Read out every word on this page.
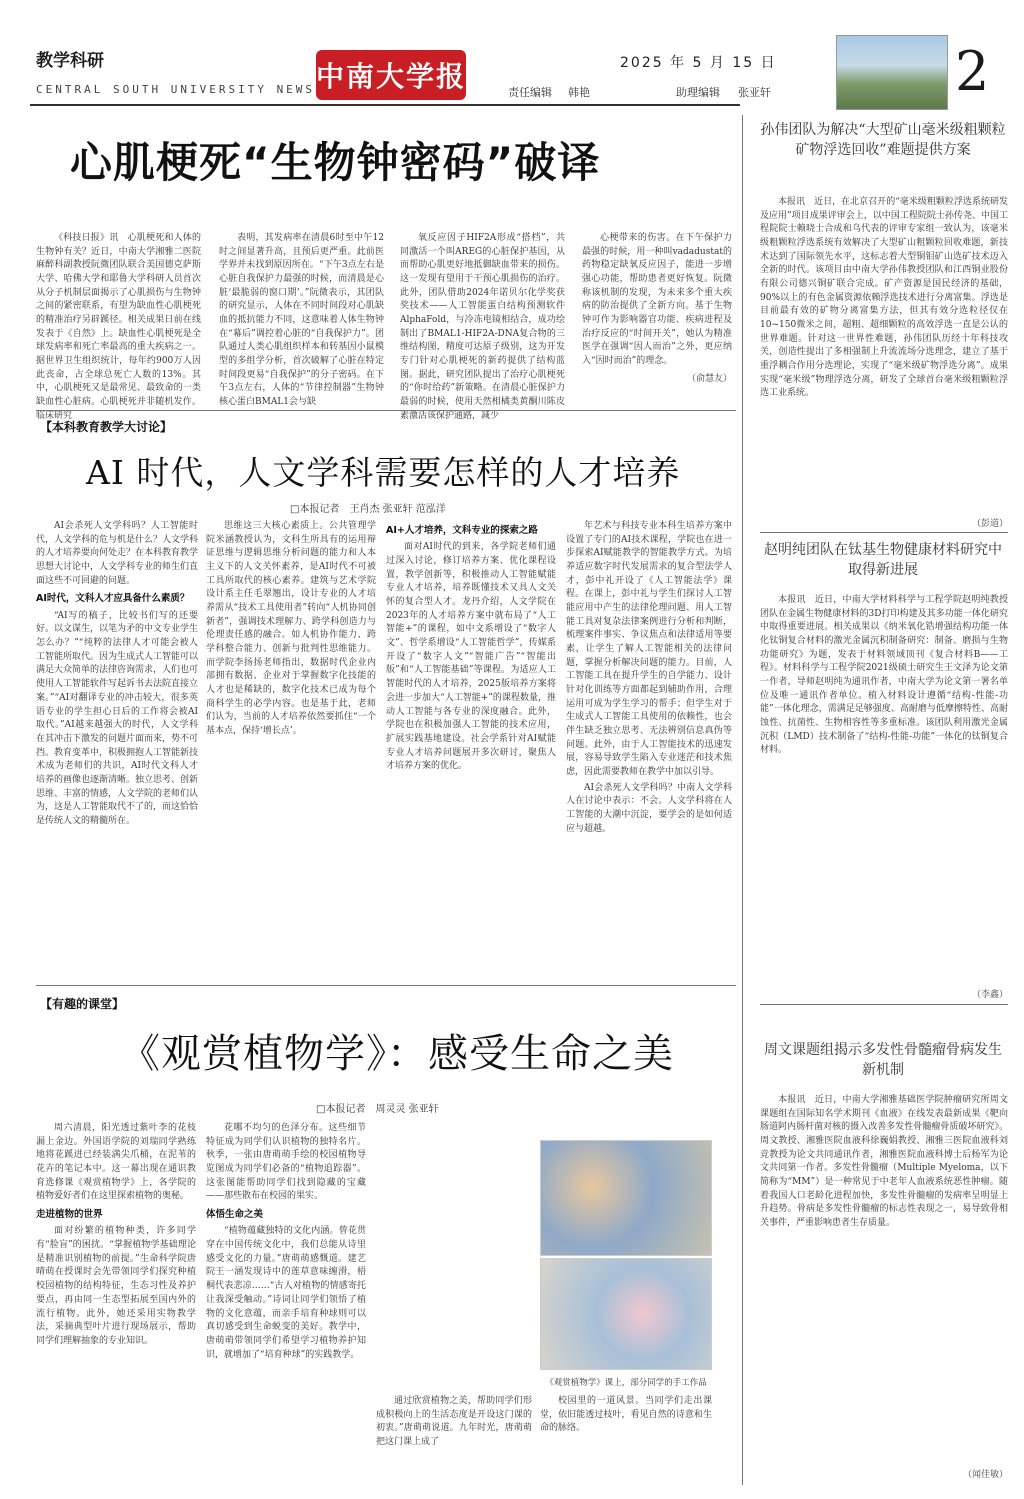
教学科研
CENTRAL SOUTH UNIVERSITY NEWS 中南大学报	2025 年 5 月 15 日
责任编辑 韩艳	助理编辑 张亚轩	2
心肌梗死“生物钟密码”破译

《科技日报》讯　心肌梗死和人体的生物钟有关？近日，中南大学湘雅二医院麻醉科副教授阮微团队联合美国德克萨斯大学、哈佛大学和耶鲁大学科研人员首次从分子机制层面揭示了心肌损伤与生物钟之间的紧密联系，有望为缺血性心肌梗死的精准治疗另辟蹊径。相关成果日前在线发表于《自然》上。缺血性心肌梗死是全球发病率和死亡率最高的重大疾病之一。据世界卫生组织统计，每年约900万人因此丧命，占全球总死亡人数的13%。其中，心肌梗死又是最常见、最致命的一类缺血性心脏病。心肌梗死并非随机发作。临床研究

表明，其发病率在清晨6时至中午12时之间显著升高，且预后更严重。此前医学界并未找到原因所在。“下午3点左右是心脏自我保护力最强的时候，而清晨是心脏‘最脆弱的窗口期’。”阮微表示，其团队的研究显示，人体在不同时间段对心肌缺血的抵抗能力不同，这意味着人体生物钟在“幕后”调控着心脏的“自我保护力”。团队通过人类心肌组织样本和转基因小鼠模型的多组学分析，首次破解了心脏在特定时间段更易“自我保护”的分子密码。在下午3点左右，人体的“节律控制器”生物钟核心蛋白BMAL1会与缺

氧反应因子HIF2A形成“搭档”，共同激活一个叫AREG的心脏保护基因，从而帮助心肌更好地抵御缺血带来的损伤。这一发现有望用于干预心肌损伤的治疗。此外，团队借助2024年诺贝尔化学奖获奖技术——人工智能蛋白结构预测软件AlphaFold，与冷冻电镜相结合，成功绘制出了BMAL1-HIF2A-DNA复合物的三维结构图，精度可达原子级别，这为开发专门针对心肌梗死的新药提供了结构蓝图。据此，研究团队提出了治疗心肌梗死的“你时给药”新策略。在清晨心脏保护力最弱的时候，使用天然相橘类黄酮川陈皮素激活该保护通路，减少

心梗带来的伤害。在下午保护力最强的时候，用一种叫vadadustat的药物稳定缺氧反应因子，能进一步增强心功能，帮助患者更好恢复。阮微称该机制的发现，为未来多个重大疾病的防治提供了全新方向。基于生物钟可作为影响器官功能、疾病进程及治疗反应的“时间开关”，她认为精准医学在强调“因人而治”之外，更应纳入“因时而治”的理念。

（俞慧友）
【本科教育教学大讨论】
AI 时代，人文学科需要怎样的人才培养
□本报记者　王肖杰 张亚轩 范泓洋

AI会杀死人文学科吗？人工智能时代，人文学科的危与机是什么？人文学科的人才培养要向何处走？在本科教育教学思想大讨论中，人文学科专业的师生们直面这些不可回避的问题。

AI时代，文科人才应具备什么素质？

“AI写的稿子，比较书们写的还要好。以文谋生，以笔为矛的中文专业学生怎么办？”“纯粹的法律人才可能会被人工智能所取代。因为生成式人工智能可以满足大众简单的法律咨询需求，人们也可使用人工智能软件写起诉书去法院直接立案。”“AI对翻译专业的冲击较大，很多英语专业的学生担心日后的工作将会被AI取代。”AI越来越强大的时代，人文学科在其冲击下激发的问题片面而来，势不可挡。教育变革中，积极拥抱人工智能新技术成为老师们的共识，AI时代文科人才培养的画像也逐渐清晰。独立思考、创新思维、丰富的情感，人文学院的老师们认为，这是人工智能取代不了的，而这恰恰是传统人文的精髓所在。

思维这三大核心素质上。公共管理学院米涵教授认为，文科生所具有的运用辩证思维与逻辑思维分析问题的能力和人本主义下的人文关怀素养，是AI时代不可被工具所取代的核心素养。建筑与艺术学院设计系主任毛翠翘出，设计专业的人才培养需从“技术工具使用者”转向“人机协同创新者”，强调技术理解力、跨学科创造力与伦理责任感的融合。如人机协作能力、跨学科整合能力、创新与批判性思维能力。而学院李扬扬老师指出，数据时代企业内部拥有数据、企业对于掌握数字化技能的人才也是稀缺的，数字化技术已成为每个商科学生的必学内容。也是基于此，老师们认为，当前的人才培养依然要抓住“一个基本点，保持‘增长点’。

AI+人才培养，文科专业的探索之路

面对AI时代的到来，各学院老师们通过深入讨论，修订培养方案、优化课程设置，教学创新等，积极推动人工智能赋能专业人才培养，培养既懂技术又具人文关怀的复合型人才。龙丹介绍，人文学院在2023年的人才培养方案中就布局了“人工智能+”的课程，如中文系增设了“数字人文”、哲学系增设“人工智能哲学”，传媒系开设了“数字人文”“智能广告”“智能出版”和“人工智能基础”等课程。为适应人工智能时代的人才培养，2025版培养方案将会进一步加大“人工智能+”的课程数量，推动人工智能与各专业的深度融合。此外，学院也在积极加强人工智能的技术应用，扩展实践基地建设。社会学系针对AI赋能专业人才培养问题展开多次研讨，聚焦人才培养方案的优化。

年艺术与科技专业本科生培养方案中设置了专门的AI技术课程，学院也在进一步探索AI赋能教学的智能教学方式。为培养适应数字时代发展需求的复合型法学人才，彭中礼开设了《人工智能法学》课程。在课上，彭中礼与学生们探讨人工智能应用中产生的法律伦理问题、用人工智能工具对复杂法律案例进行分析和判断，梳理案件事实、争议焦点和法律适用等要素，让学生了解人工智能相关的法律问题，掌握分析解决问题的能力。目前，人工智能工具在提升学生的自学能力、设计针对化训练等方面都起到辅助作用，合理运用可成为学生学习的帮手；但学生对于生成式人工智能工具使用的依赖性，也会伴生缺乏独立思考、无法辨别信息真伪等问题。此外，由于人工智能技术的迅速发展，容易导致学生陷入专业迷茫和技术焦虑，因此需要教师在教学中加以引导。

AI会杀死人文学科吗？中南人文学科人在讨论中表示：不会。人文学科将在人工智能的大潮中沉淀，要学会的是如何适应与超越。

【有趣的课堂】
《观赏植物学》：感受生命之美
□本报记者　周灵灵 张亚轩

周六清晨，阳光透过紫叶李的花枝漏上金边。外国语学院的刘瑞同学熟练地将花蹊进已经装满尖爪桶，在泥苇的花卉的笔记本中。这一幕出现在通识教育选修课《观赏植物学》上，各学院的植物爱好者们在这里探索植物的奥秘。

走进植物的世界

面对纷繁的植物种类，许多同学有“脸盲”的困扰。“掌握植物学基础理论是精准识别植物的前提。”生命科学院唐晴萌在授课时会先带领同学们探究种植校园植物的结构特征，生态习性及养护要点，再由同一生态型拓展至国内外的流行植物。此外，她还采用实物教学法，采摘典型叶片进行现场展示，帮助同学们理解抽象的专业知识。

花哪不均匀的色泽分布。这些细节特征成为同学们认识植物的独特名片。秋季，一张由唐萌萌手绘的校园植物导览图成为同学们必备的“植物追踪器”。这张图能帮助同学们找到隐藏的宝藏——那些散布在校园的果实。

体悟生命之美

“植物蕴藏独特的文化内涵。曾花贯穿在中国传统文化中，我们总能从诗里感受文化的力量。”唐萌萌感慨道。建艺院王一涵发现诗中的莲草意味缠滑，梧桐代表悲凉……“古人对植物的情感寄托让我深受触动。”诗词让同学们领悟了植物的文化意蕴，而亲手培育种球则可以真切感受到生命蜕变的美好。教学中，唐萌萌带领同学们希望学习植物养护知识，就增加了“培育种球”的实践教学。

通过欣赏植物之美，帮助同学们形成积极向上的生活态度是开设这门课的初衷。”唐萌萌说道。九年时光，唐萌萌把这门课上成了

校园里的一道风景。当同学们走出课堂，依旧能透过枝叶，看见自然的诗意和生命的脉络。

《观赏植物学》课上，部分同学的手工作品
孙伟团队为解决“大型矿山毫米级粗颗粒矿物浮选回收”难题提供方案

本报讯　近日，在北京召开的“毫米级粗颗粒浮选系统研发及应用”项目成果评审会上，以中国工程院院士孙传尧、中国工程院院士赖晓士合成和乌代表的评审专家组一致认为，该毫米级粗颗粒浮选系统有效解决了大型矿山粗颗粒回收难题，新技术达到了国际领先水平，这标志着大型铜钼矿山选矿技术迈入全新的时代。该项目由中南大学孙伟教授团队和江西铜业股份有限公司德兴铜矿联合完成。矿产资源是国民经济的基础，90%以上的有色金属资源依赖浮选技术进行分离富集。浮选是目前最有效的矿物分离富集方法，但其有效分选粒径仅在10~150微米之间，超粗、超细颗粒的高效浮选一直是公认的世界难题。针对这一世界性难题，孙伟团队历经十年科技攻关，创造性提出了多相强制上升流流场分选理念，建立了基于重浮耦合作用分选理论，实现了“毫米级矿物浮选分离”。成果实现“毫米级”物理浮选分离，研发了全球首台毫米级粗颗粒浮选工业系统。

（彭道）
赵明纯团队在钛基生物健康材料研究中取得新进展

本报讯　近日，中南大学材料科学与工程学院赵明纯教授团队在金属生物健康材料的3D打印构建及其多功能一体化研究中取得重要进展。相关成果以《纳米氧化锆增强结构功能一体化钛铜复合材料的激光金属沉积制备研究：制备、磨损与生物功能研究》为题，发表于材料领域顶刊《复合材料B——工程》。材料科学与工程学院2021级硕士研究生王文泽为论文第一作者，导师赵明纯为通讯作者，中南大学为论文第一署名单位及唯一通讯作者单位。植入材料设计遵循“结构-性能-功能”一体化理念，需满足足够强度、高耐磨与低摩擦特性、高耐蚀性、抗菌性、生物相容性等多重标准。该团队利用激光金属沉积（LMD）技术制备了“结构-性能-功能”一体化的钛铜复合材料。

（李鑫）
周文课题组揭示多发性骨髓瘤骨病发生新机制

本报讯　近日，中南大学湘雅基础医学院肿瘤研究所周文课题组在国际知名学术期刊《血液》在线发表最新成果《靶向肠道阿内肠杆菌对核的摄入改善多发性骨髓瘤骨质破坏研究》。周文教授、湘雅医院血液科徐巍娟教授、湘雅三医院血液科刘竞教授为论文共同通讯作者，湘雅医院血液科博士后杨军为论文共同第一作者。多发性骨髓瘤（Multiple Myeloma，以下简称为“MM”）是一种常见于中老年人血液系统恶性肿瘤。随着我国人口老龄化进程加快，多发性骨髓瘤的发病率呈明显上升趋势。骨病是多发性骨髓瘤的标志性表现之一，易导致骨相关事件，严重影响患者生存质量。

（闻佳敏）
